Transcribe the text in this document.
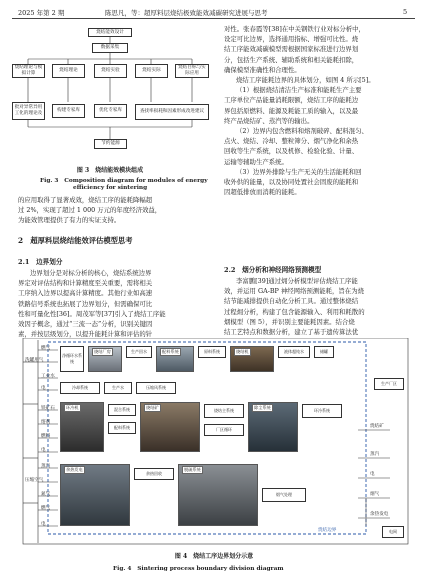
2025 年第 2 期	陈思凡，等：超厚料层烧结极致能效减碳研究进展与思考	5
烧结能效设计
数据采集
烧结理论与模拟计算
烧结理论	烧结实验	烧结实际
烧结目标与实际应用
批对异常异用工化的理论及
构建专家库	优化专家库	查找率损耗和因素形成改进建议
节约能源
图 3　烧结能效模块组成
Fig. 3　Composition diagram for modules of energy
efficiency for sintering
的应用取得了显著成效，烧结工序的能耗降幅超
过 2%，实现了超过 1 000 万元的年度经济效益，
为能效管理提供了有力的实证支持。
2　超厚料层烧结能效评估模型思考
2.1　边界划分
边界划分是对标分析的核心，烧结系统边界
界定对评估结构和计算精度至关重要，需将相关
工序纳入边界以提高计算精度。其他行业如高速
铁路信号系统也拓展了边界划分，但需确保可比
性和可量化性[36]。周茂军等[37]引入了烧结工序能
效因子概念，通过“三流一态”分析，识别关键因
素，并按层级划分，以提升能耗计算和评估的针
对性。张春霞等[38]在中关钢铁行业对标分析中，
设定可比边界，选择通用指标、增强可比性。烧
结工序能效减碳模型需根据国家标准进行边界划
分，包括生产系统、辅助系统和相关能耗扣除，
确保模型准确性和合理性。
烧结工序能耗边界的具体划分，如图 4 所示[5]。
（1）根据烧结清洁生产标准和能耗生产主要
工序单位产品能量消耗限额，烧结工序的能耗边
界包括原燃料、能源及耗能工质的输入，以及最
终产品烧结矿、蒸汽等的输出。
（2）边界内包含燃料和熔剂破碎、配料混匀、
点火、烧结、冷却、整粒筛分、烟气净化和余热
回收等生产系统，以及机修、检验化验、计量、
运输等辅助生产系统。
（3）边界外排除与生产无关的生活能耗和回
收外供的能量，以及协同处置社会固废的能耗和
因超低排放而消耗的能耗。
2.2　烟分析和神经网络预测模型
李富鹏[39]通过㶲分析模型评估烧结工序能
效，并运用 GA-BP 神经网络预测能耗，旨在为烧
结节能减排提供自动化分析工具。通过整体烧结
过程㶲分析，构建了包含能源输入、利用和耗散的
烟模型（图 5），并识别主要能耗因素。结合烧
结工艺特点和数据分析，建立了基于遗传算法优
燃气
洗罐用气
工业水
电
铁矿石
熔剂
燃料
电
蒸汽
压缩空气
氮气
燃气
电
净循环水系统
烧结厂房	生产回水	配料系统	原料系统	烧结机	液体超纯水	储罐
冷却系统	生产水	压缩风系统
环冷机	混合系统
配料系统
烧结矿
烧结主系统
厂区循环
除尘系统
环冷系统
余热发电
余热回收
脱硫系统
烟气处理
烧结矿
蒸汽
电
烟气
余热发电
烧结边界
生产厂区
电网
图 4　烧结工序边界划分示意
Fig. 4　Sintering process boundary division diagram
